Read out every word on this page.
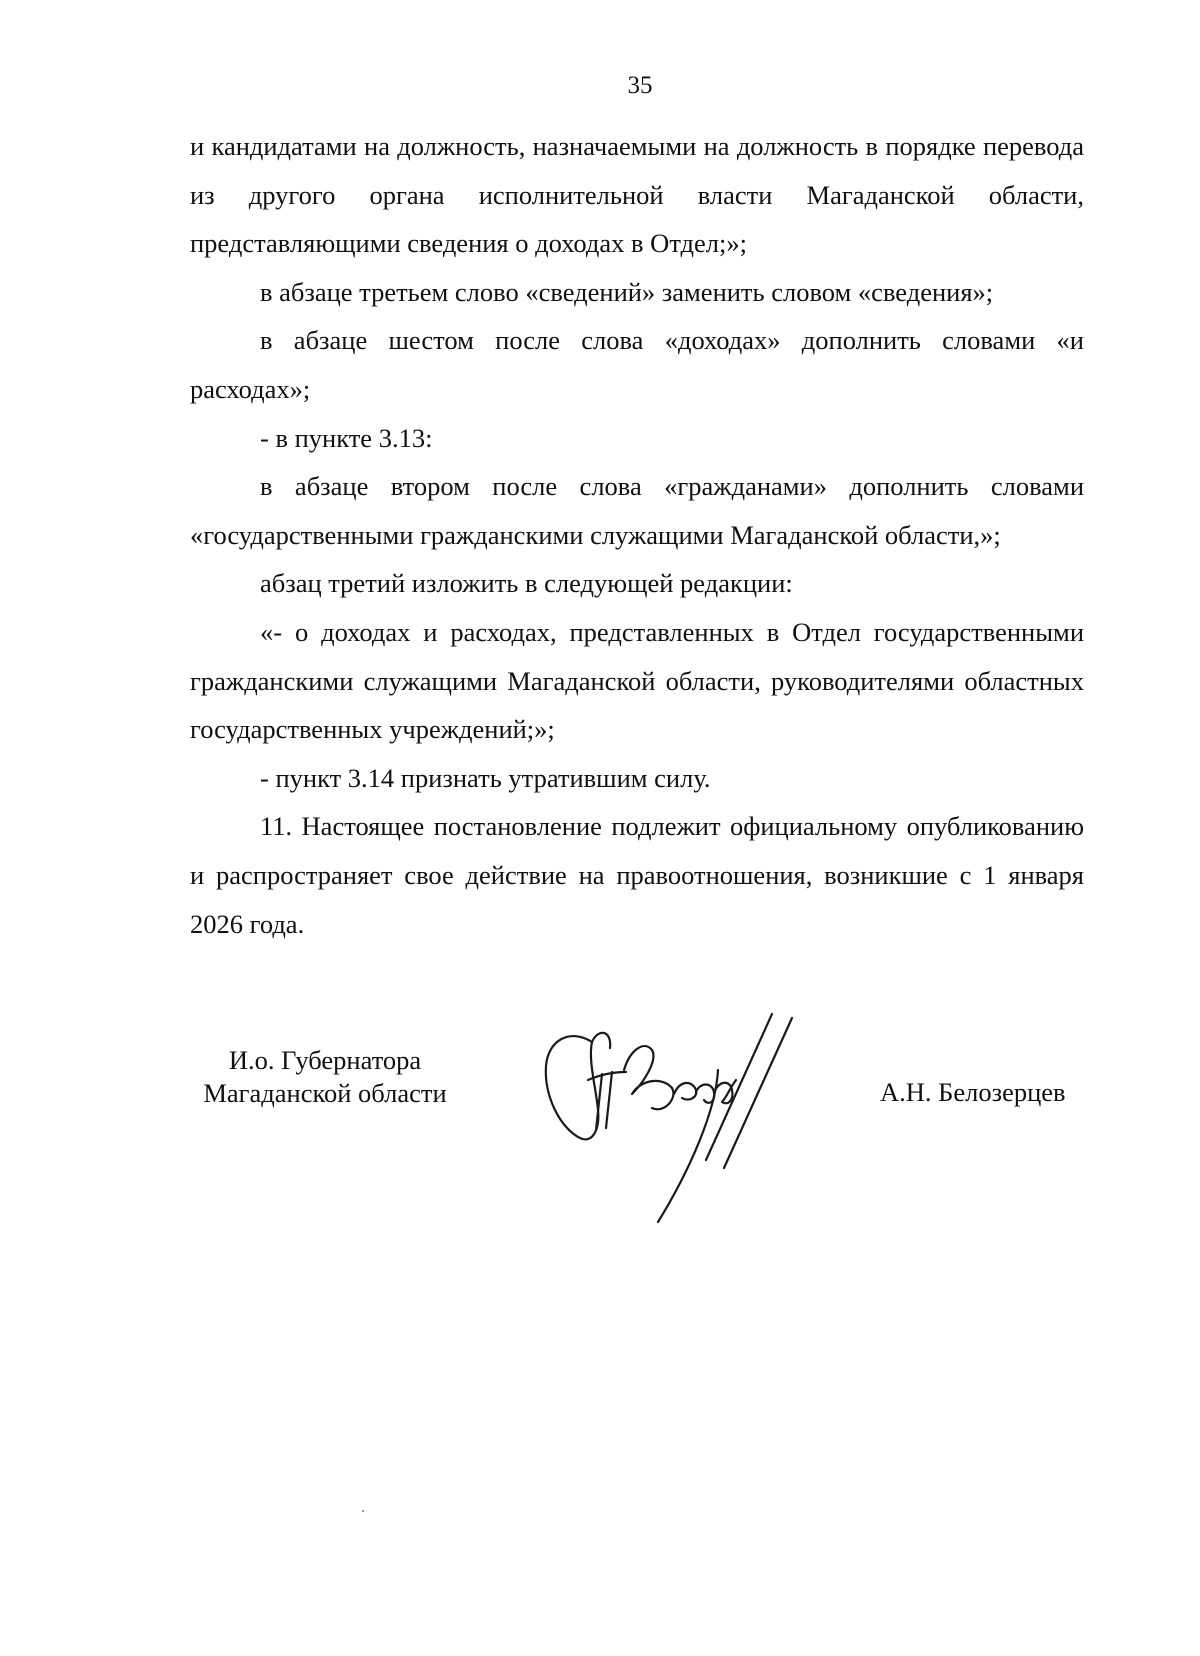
35

и кандидатами на должность, назначаемыми на должность в порядке перевода из другого органа исполнительной власти Магаданской области, представляющими сведения о доходах в Отдел;»;

в абзаце третьем слово «сведений» заменить словом «сведения»;

в абзаце шестом после слова «доходах» дополнить словами «и расходах»;

- в пункте 3.13:

в абзаце втором после слова «гражданами» дополнить словами «государственными гражданскими служащими Магаданской области,»;

абзац третий изложить в следующей редакции:

«- о доходах и расходах, представленных в Отдел государственными гражданскими служащими Магаданской области, руководителями областных государственных учреждений;»;

- пункт 3.14 признать утратившим силу.

11. Настоящее постановление подлежит официальному опубликованию и распространяет свое действие на правоотношения, возникшие с 1 января 2026 года.

И.о. Губернатора
Магаданской области	А.Н. Белозерцев
